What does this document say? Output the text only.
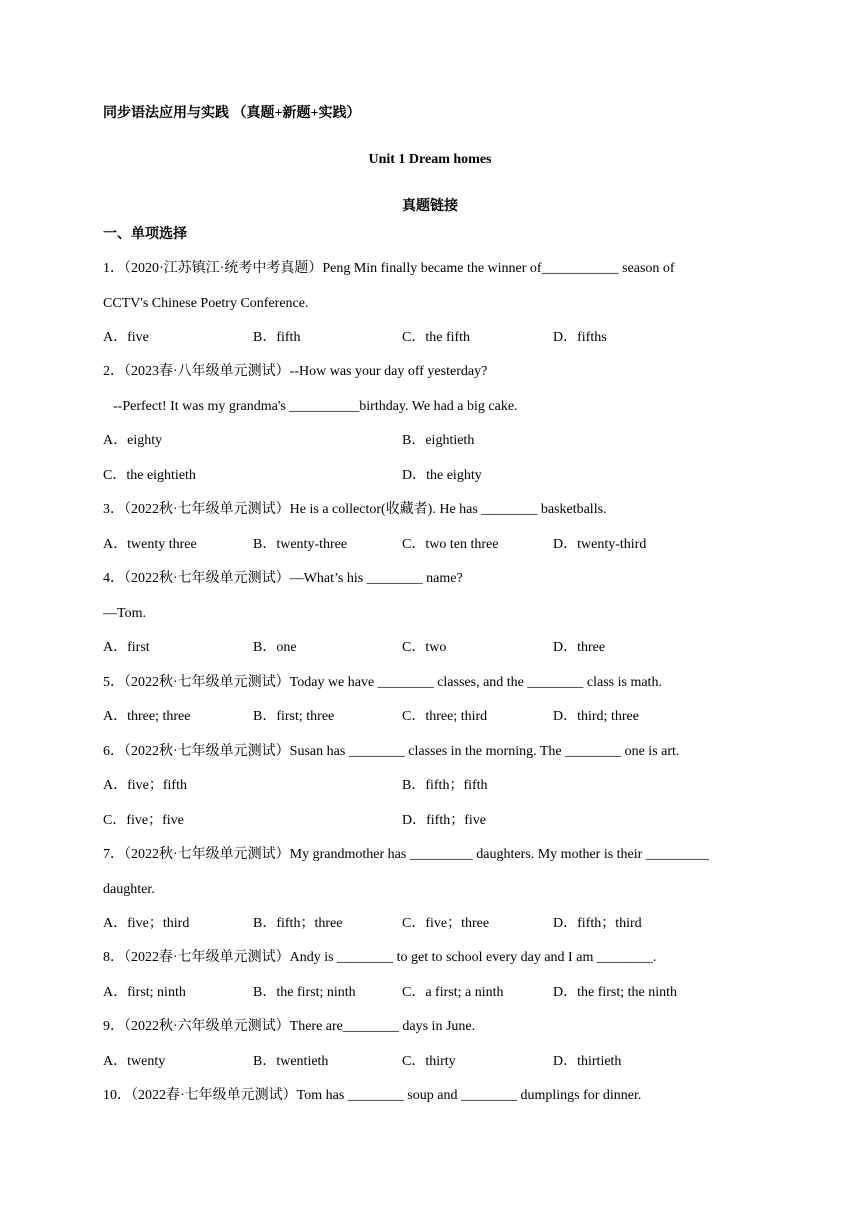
同步语法应用与实践 （真题+新题+实践）
Unit 1 Dream homes
真题链接
一、单项选择
1．（2020·江苏镇江·统考中考真题）Peng Min finally became the winner of___________ season of
CCTV's Chinese Poetry Conference.
A．five	B．fifth	C．the fifth	D．fifths
2．（2023春·八年级单元测试）--How was your day off yesterday?
--Perfect! It was my grandma's __________birthday. We had a big cake.
A．eighty	B．eightieth
C．the eightieth	D．the eighty
3．（2022秋·七年级单元测试）He is a collector(收藏者). He has ________ basketballs.
A．twenty three	B．twenty-three	C．two ten three	D．twenty-third
4．（2022秋·七年级单元测试）—What’s his ________ name?
—Tom.
A．first	B．one	C．two	D．three
5．（2022秋·七年级单元测试）Today we have ________ classes, and the ________ class is math.
A．three; three	B．first; three	C．three; third	D．third; three
6．（2022秋·七年级单元测试）Susan has ________ classes in the morning. The ________ one is art.
A．five；fifth	B．fifth；fifth
C．five；five	D．fifth；five
7．（2022秋·七年级单元测试）My grandmother has _________ daughters. My mother is their _________
daughter.
A．five；third	B．fifth；three	C．five；three	D．fifth；third
8．（2022春·七年级单元测试）Andy is ________ to get to school every day and I am ________.
A．first; ninth	B．the first; ninth	C．a first; a ninth	D．the first; the ninth
9．（2022秋·六年级单元测试）There are________ days in June.
A．twenty	B．twentieth	C．thirty	D．thirtieth
10．（2022春·七年级单元测试）Tom has ________ soup and ________ dumplings for dinner.
